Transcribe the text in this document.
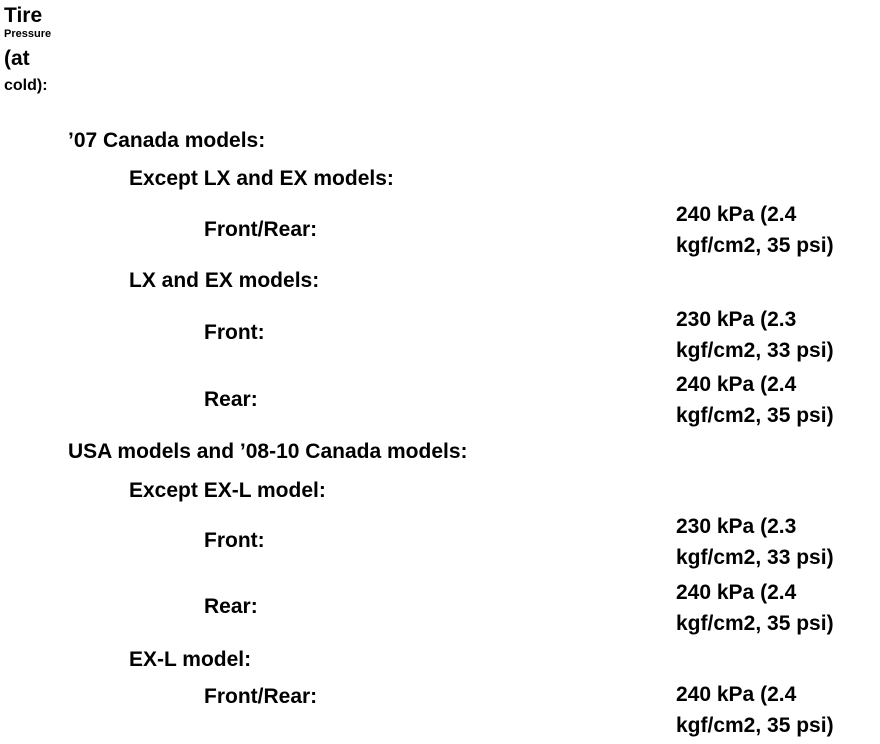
Tire
Pressure
(at
cold):
’07 Canada models:
Except LX and EX models:
Front/Rear:
240 kPa (2.4
kgf/cm2, 35 psi)
LX and EX models:
Front:
230 kPa (2.3
kgf/cm2, 33 psi)
Rear:
240 kPa (2.4
kgf/cm2, 35 psi)
USA models and ’08-10 Canada models:
Except EX-L model:
Front:
230 kPa (2.3
kgf/cm2, 33 psi)
Rear:
240 kPa (2.4
kgf/cm2, 35 psi)
EX-L model:
Front/Rear:	240 kPa (2.4
kgf/cm2, 35 psi)
